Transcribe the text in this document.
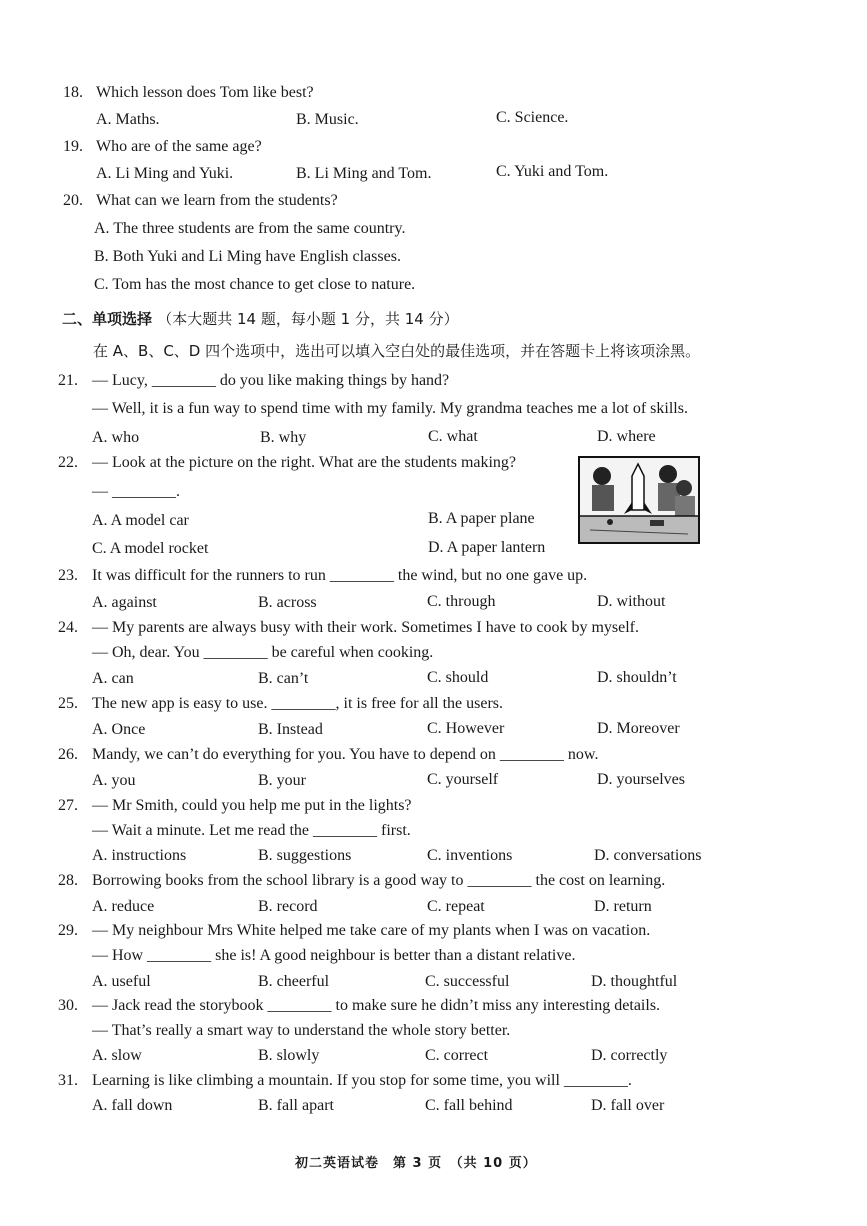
18. Which lesson does Tom like best?
A. Maths.	B. Music.	C. Science.
19. Who are of the same age?
A. Li Ming and Yuki.	B. Li Ming and Tom.	C. Yuki and Tom.
20. What can we learn from the students?
A. The three students are from the same country.
B. Both Yuki and Li Ming have English classes.
C. Tom has the most chance to get close to nature.
二、单项选择 （本大题共 14 题，每小题 1 分，共 14 分）
在 A、B、C、D 四个选项中，选出可以填入空白处的最佳选项，并在答题卡上将该项涂黑。
21. — Lucy, ________ do you like making things by hand?
— Well, it is a fun way to spend time with my family. My grandma teaches me a lot of skills.
A. who	B. why	C. what	D. where
22. — Look at the picture on the right. What are the students making?
— ________.
A. A model car	B. A paper plane
C. A model rocket	D. A paper lantern
23. It was difficult for the runners to run ________ the wind, but no one gave up.
A. against	B. across	C. through	D. without
24. — My parents are always busy with their work. Sometimes I have to cook by myself.
— Oh, dear. You ________ be careful when cooking.
A. can	B. can’t	C. should	D. shouldn’t
25. The new app is easy to use. ________, it is free for all the users.
A. Once	B. Instead	C. However	D. Moreover
26. Mandy, we can’t do everything for you. You have to depend on ________ now.
A. you	B. your	C. yourself	D. yourselves
27. — Mr Smith, could you help me put in the lights?
— Wait a minute. Let me read the ________ first.
A. instructions	B. suggestions	C. inventions	D. conversations
28. Borrowing books from the school library is a good way to ________ the cost on learning.
A. reduce	B. record	C. repeat	D. return
29. — My neighbour Mrs White helped me take care of my plants when I was on vacation.
— How ________ she is! A good neighbour is better than a distant relative.
A. useful	B. cheerful	C. successful	D. thoughtful
30. — Jack read the storybook ________ to make sure he didn’t miss any interesting details.
— That’s really a smart way to understand the whole story better.
A. slow	B. slowly	C. correct	D. correctly
31. Learning is like climbing a mountain. If you stop for some time, you will ________.
A. fall down	B. fall apart	C. fall behind	D. fall over
初二英语试卷　第 3 页　（共 10 页）
